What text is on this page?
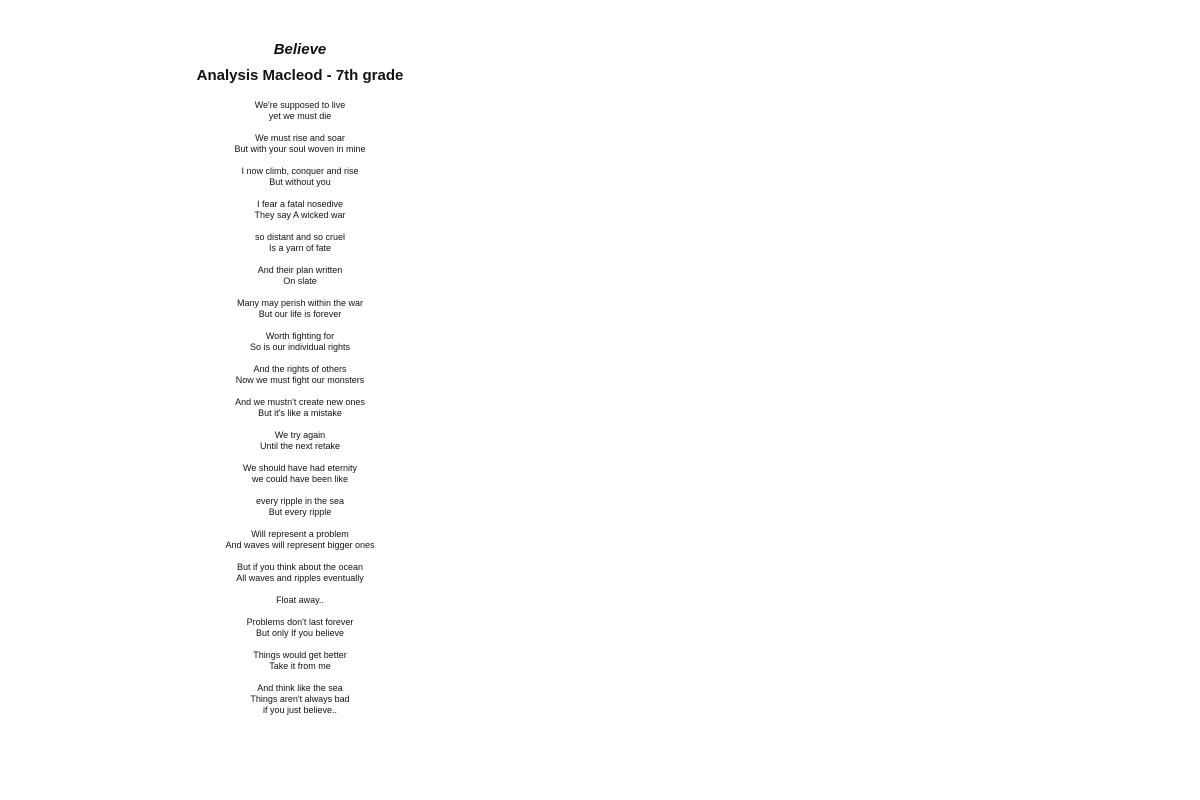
Believe
Analysis Macleod - 7th grade

We're supposed to live
yet we must die

We must rise and soar
But with your soul woven in mine

I now climb, conquer and rise
But without you

I fear a fatal nosedive
They say A wicked war

so distant and so cruel
Is a yarn of fate

And their plan written
On slate

Many may perish within the war
But our life is forever

Worth fighting for
So is our individual rights

And the rights of others
Now we must fight our monsters

And we mustn't create new ones
But it's like a mistake

We try again
Until the next retake

We should have had eternity
we could have been like

every ripple in the sea
But every ripple

Will represent a problem
And waves will represent bigger ones

But if you think about the ocean
All waves and ripples eventually

Float away..

Problems don't last forever
But only If you believe

Things would get better
Take it from me

And think like the sea
Things aren't always bad
if you just believe..
